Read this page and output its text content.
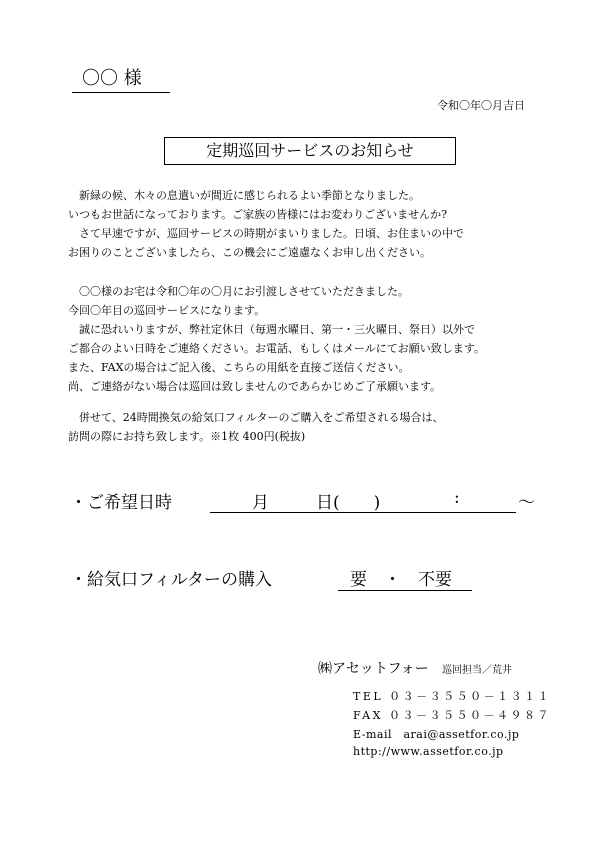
〇〇 様
令和〇年〇月吉日
定期巡回サービスのお知らせ
　新緑の候、木々の息遣いが間近に感じられるよい季節となりました。
いつもお世話になっております。ご家族の皆様にはお変わりございませんか?
　さて早速ですが、巡回サービスの時期がまいりました。日頃、お住まいの中で
お困りのことございましたら、この機会にご遠慮なくお申し出ください。
　〇〇様のお宅は令和〇年の〇月にお引渡しさせていただきました。
今回〇年目の巡回サービスになります。
　誠に恐れいりますが、弊社定休日（毎週水曜日、第一・三火曜日、祭日）以外で
ご都合のよい日時をご連絡ください。お電話、もしくはメールにてお願い致します。
また、FAXの場合はご記入後、こちらの用紙を直接ご送信ください。
尚、ご連絡がない場合は巡回は致しませんのであらかじめご了承願います。
　併せて、24時間換気の給気口フィルターのご購入をご希望される場合は、
訪問の際にお持ち致します。※1枚 400円(税抜)
・ご希望日時	月	日(　　)	:	〜
・給気口フィルターの購入	要　・　不要
㈱アセットフォー 巡回担当／荒井
TEL ０３－３５５０－１３１１
FAX ０３－３５５０－４９８７
E-mail　arai@assetfor.co.jp
http://www.assetfor.co.jp
